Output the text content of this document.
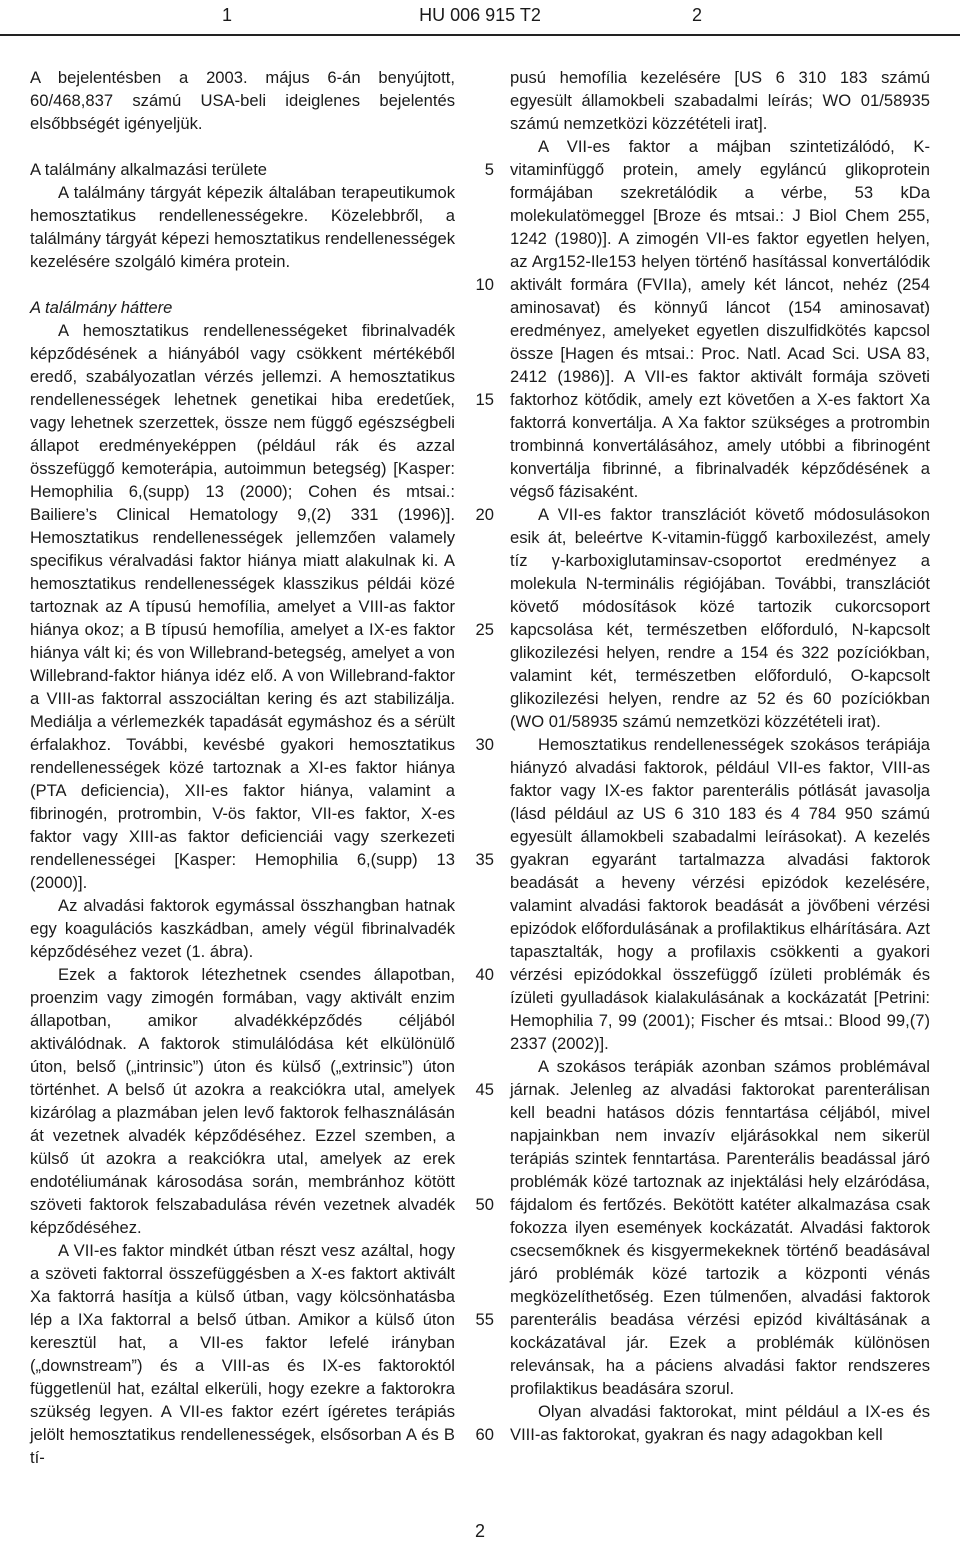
1	HU 006 915 T2	2

A bejelentésben a 2003. május 6-án benyújtott, 60/468,837 számú USA-beli ideiglenes bejelentés elsőbbségét igényeljük.

A találmány alkalmazási területe

A találmány tárgyát képezik általában terapeutikumok hemosztatikus rendellenességekre. Közelebbről, a találmány tárgyát képezi hemosztatikus rendellenességek kezelésére szolgáló kiméra protein.

A találmány háttere

A hemosztatikus rendellenességeket fibrinalvadék képződésének a hiányából vagy csökkent mértékéből eredő, szabályozatlan vérzés jellemzi. A hemosztatikus rendellenességek lehetnek genetikai hiba eredetűek, vagy lehetnek szerzettek, össze nem függő egészségbeli állapot eredményeképpen (például rák és azzal összefüggő kemoterápia, autoimmun betegség) [Kasper: Hemophilia 6,(supp) 13 (2000); Cohen és mtsai.: Bailiere’s Clinical Hematology 9,(2) 331 (1996)]. Hemosztatikus rendellenességek jellemzően valamely specifikus véralvadási faktor hiánya miatt alakulnak ki. A hemosztatikus rendellenességek klasszikus példái közé tartoznak az A típusú hemofília, amelyet a VIII-as faktor hiánya okoz; a B típusú hemofília, amelyet a IX-es faktor hiánya vált ki; és von Willebrand-betegség, amelyet a von Willebrand-faktor hiánya idéz elő. A von Willebrand-faktor a VIII-as faktorral asszociáltan kering és azt stabilizálja. Mediálja a vérlemezkék tapadását egymáshoz és a sérült érfalakhoz. További, kevésbé gyakori hemosztatikus rendellenességek közé tartoznak a XI-es faktor hiánya (PTA deficiencia), XII-es faktor hiánya, valamint a fibrinogén, protrombin, V-ös faktor, VII-es faktor, X-es faktor vagy XIII-as faktor deficienciái vagy szerkezeti rendellenességei [Kasper: Hemophilia 6,(supp) 13 (2000)].

Az alvadási faktorok egymással összhangban hatnak egy koagulációs kaszkádban, amely végül fibrinalvadék képződéséhez vezet (1. ábra).

Ezek a faktorok létezhetnek csendes állapotban, proenzim vagy zimogén formában, vagy aktivált enzim állapotban, amikor alvadékképződés céljából aktiválódnak. A faktorok stimulálódása két elkülönülő úton, belső („intrinsic”) úton és külső („extrinsic”) úton történhet. A belső út azokra a reakciókra utal, amelyek kizárólag a plazmában jelen levő faktorok felhasználásán át vezetnek alvadék képződéséhez. Ezzel szemben, a külső út azokra a reakciókra utal, amelyek az erek endotéliumának károsodása során, membránhoz kötött szöveti faktorok felszabadulása révén vezetnek alvadék képződéséhez.

A VII-es faktor mindkét útban részt vesz azáltal, hogy a szöveti faktorral összefüggésben a X-es faktort aktivált Xa faktorrá hasítja a külső útban, vagy kölcsönhatásba lép a IXa faktorral a belső útban. Amikor a külső úton keresztül hat, a VII-es faktor lefelé irányban („downstream”) és a VIII-as és IX-es faktoroktól függetlenül hat, ezáltal elkerüli, hogy ezekre a faktorokra szükség legyen. A VII-es faktor ezért ígéretes terápiás jelölt hemosztatikus rendellenességek, elsősorban A és B tí-

5
10
15
20
25
30
35
40
45
50
55
60

pusú hemofília kezelésére [US 6 310 183 számú egyesült államokbeli szabadalmi leírás; WO 01/58935 számú nemzetközi közzétételi irat].

A VII-es faktor a májban szintetizálódó, K-vitaminfüggő protein, amely egyláncú glikoprotein formájában szekretálódik a vérbe, 53 kDa molekulatömeggel [Broze és mtsai.: J Biol Chem 255, 1242 (1980)]. A zimogén VII-es faktor egyetlen helyen, az Arg152-Ile153 helyen történő hasítással konvertálódik aktivált formára (FVIIa), amely két láncot, nehéz (254 aminosavat) és könnyű láncot (154 aminosavat) eredményez, amelyeket egyetlen diszulfidkötés kapcsol össze [Hagen és mtsai.: Proc. Natl. Acad Sci. USA 83, 2412 (1986)]. A VII-es faktor aktivált formája szöveti faktorhoz kötődik, amely ezt követően a X-es faktort Xa faktorrá konvertálja. A Xa faktor szükséges a protrombin trombinná konvertálásához, amely utóbbi a fibrinogént konvertálja fibrinné, a fibrinalvadék képződésének a végső fázisaként.

A VII-es faktor transzlációt követő módosulásokon esik át, beleértve K-vitamin-függő karboxilezést, amely tíz γ-karboxiglutaminsav-csoportot eredményez a molekula N-terminális régiójában. További, transzlációt követő módosítások közé tartozik cukorcsoport kapcsolása két, természetben előforduló, N-kapcsolt glikozilezési helyen, rendre a 154 és 322 pozíciókban, valamint két, természetben előforduló, O-kapcsolt glikozilezési helyen, rendre az 52 és 60 pozíciókban (WO 01/58935 számú nemzetközi közzétételi irat).

Hemosztatikus rendellenességek szokásos terápiája hiányzó alvadási faktorok, például VII-es faktor, VIII-as faktor vagy IX-es faktor parenterális pótlását javasolja (lásd például az US 6 310 183 és 4 784 950 számú egyesült államokbeli szabadalmi leírásokat). A kezelés gyakran egyaránt tartalmazza alvadási faktorok beadását a heveny vérzési epizódok kezelésére, valamint alvadási faktorok beadását a jövőbeni vérzési epizódok előfordulásának a profilaktikus elhárítására. Azt tapasztalták, hogy a profilaxis csökkenti a gyakori vérzési epizódokkal összefüggő ízületi problémák és ízületi gyulladások kialakulásának a kockázatát [Petrini: Hemophilia 7, 99 (2001); Fischer és mtsai.: Blood 99,(7) 2337 (2002)].

A szokásos terápiák azonban számos problémával járnak. Jelenleg az alvadási faktorokat parenterálisan kell beadni hatásos dózis fenntartása céljából, mivel napjainkban nem invazív eljárásokkal nem sikerül terápiás szintek fenntartása. Parenterális beadással járó problémák közé tartoznak az injektálási hely elzáródása, fájdalom és fertőzés. Bekötött katéter alkalmazása csak fokozza ilyen események kockázatát. Alvadási faktorok csecsemőknek és kisgyermekeknek történő beadásával járó problémák közé tartozik a központi vénás megközelíthetőség. Ezen túlmenően, alvadási faktorok parenterális beadása vérzési epizód kiváltásának a kockázatával jár. Ezek a problémák különösen relevánsak, ha a páciens alvadási faktor rendszeres profilaktikus beadására szorul.

Olyan alvadási faktorokat, mint például a IX-es és VIII-as faktorokat, gyakran és nagy adagokban kell

2
